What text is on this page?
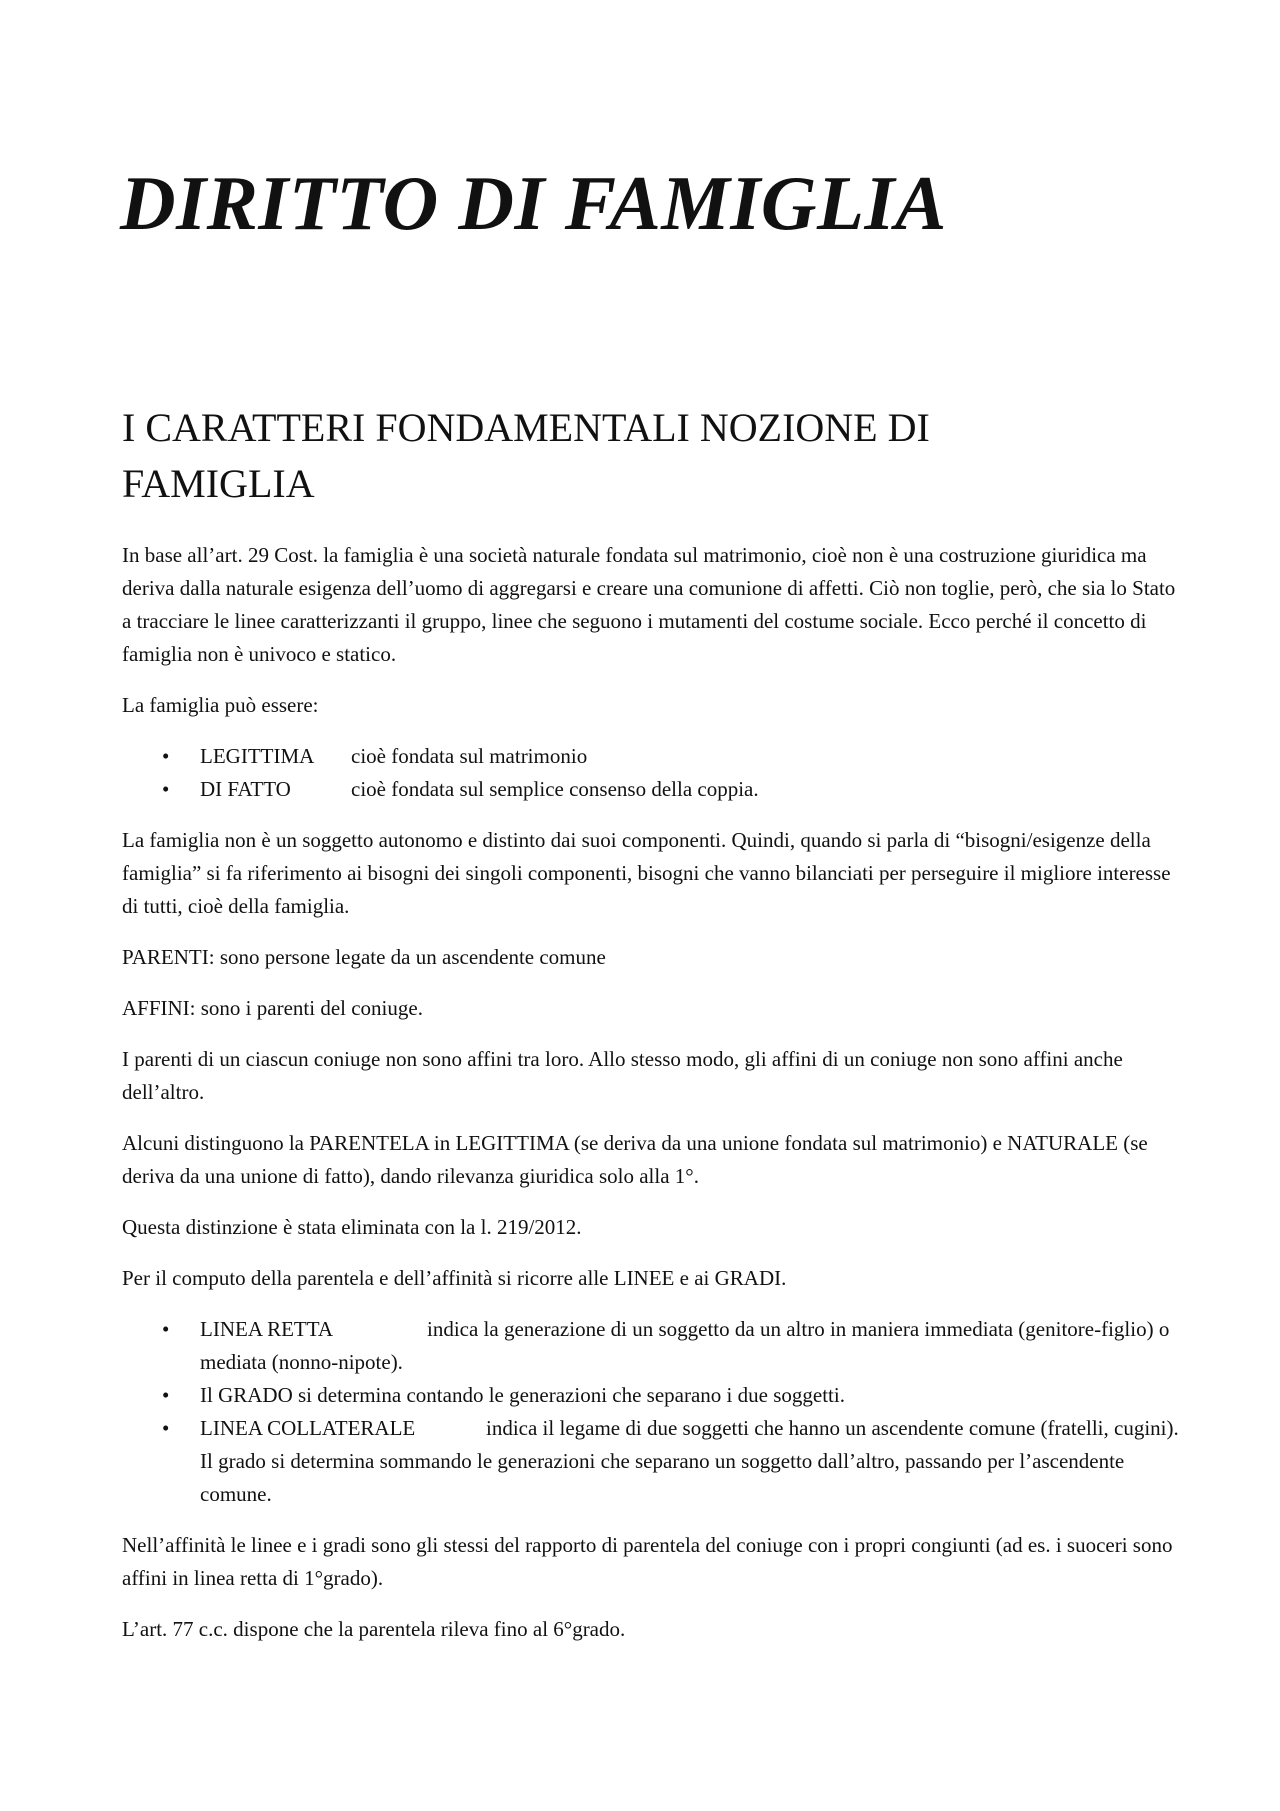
DIRITTO DI FAMIGLIA
I CARATTERI FONDAMENTALI NOZIONE DI
FAMIGLIA

In base all’art. 29 Cost. la famiglia è una società naturale fondata sul matrimonio, cioè non è una costruzione giuridica ma deriva dalla naturale esigenza dell’uomo di aggregarsi e creare una comunione di affetti. Ciò non toglie, però, che sia lo Stato a tracciare le linee caratterizzanti il gruppo, linee che seguono i mutamenti del costume sociale. Ecco perché il concetto di famiglia non è univoco e statico.

La famiglia può essere:

• LEGITTIMA cioè fondata sul matrimonio
• DI FATTO	cioè fondata sul semplice consenso della coppia.

La famiglia non è un soggetto autonomo e distinto dai suoi componenti. Quindi, quando si parla di “bisogni/esigenze della famiglia” si fa riferimento ai bisogni dei singoli componenti, bisogni che vanno bilanciati per perseguire il migliore interesse di tutti, cioè della famiglia.

PARENTI: sono persone legate da un ascendente comune

AFFINI: sono i parenti del coniuge.

I parenti di un ciascun coniuge non sono affini tra loro. Allo stesso modo, gli affini di un coniuge non sono affini anche dell’altro.

Alcuni distinguono la PARENTELA in LEGITTIMA (se deriva da una unione fondata sul matrimonio) e NATURALE (se deriva da una unione di fatto), dando rilevanza giuridica solo alla 1°.

Questa distinzione è stata eliminata con la l. 219/2012.

Per il computo della parentela e dell’affinità si ricorre alle LINEE e ai GRADI.

• LINEA RETTA	indica la generazione di un soggetto da un altro in maniera immediata (genitore-figlio) o mediata (nonno-nipote).
• Il GRADO si determina contando le generazioni che separano i due soggetti.
• LINEA COLLATERALE	indica il legame di due soggetti che hanno un ascendente comune (fratelli, cugini). Il grado si determina sommando le generazioni che separano un soggetto dall’altro, passando per l’ascendente comune.

Nell’affinità le linee e i gradi sono gli stessi del rapporto di parentela del coniuge con i propri congiunti (ad es. i suoceri sono affini in linea retta di 1°grado).

L’art. 77 c.c. dispone che la parentela rileva fino al 6°grado.
